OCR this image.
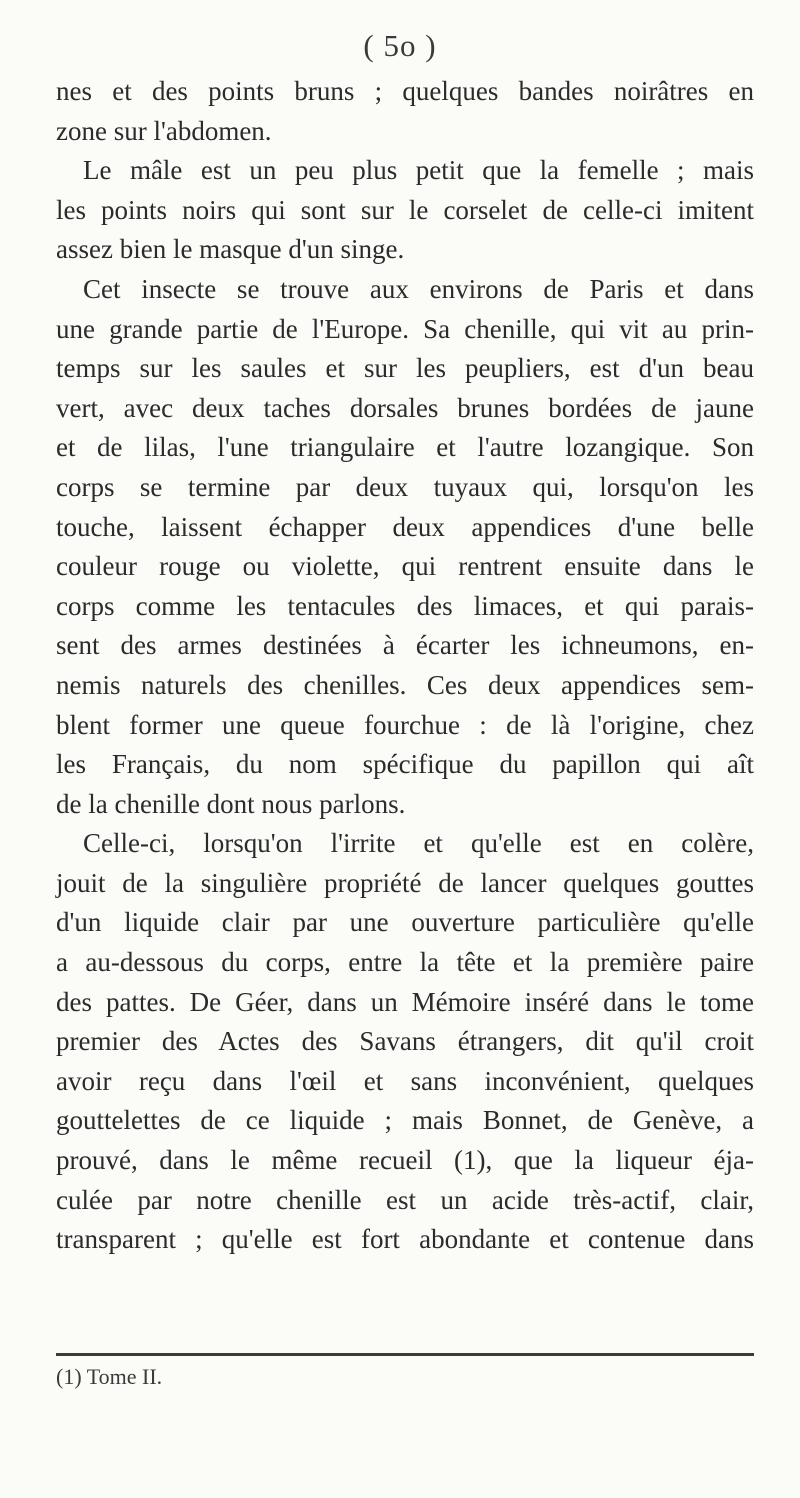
( 5o )
nes et des points bruns ; quelques bandes noirâtres en
zone sur l'abdomen.
Le mâle est un peu plus petit que la femelle ; mais
les points noirs qui sont sur le corselet de celle-ci imitent
assez bien le masque d'un singe.
Cet insecte se trouve aux environs de Paris et dans
une grande partie de l'Europe. Sa chenille, qui vit au prin-
temps sur les saules et sur les peupliers, est d'un beau
vert, avec deux taches dorsales brunes bordées de jaune
et de lilas, l'une triangulaire et l'autre lozangique. Son
corps se termine par deux tuyaux qui, lorsqu'on les
touche, laissent échapper deux appendices d'une belle
couleur rouge ou violette, qui rentrent ensuite dans le
corps comme les tentacules des limaces, et qui parais-
sent des armes destinées à écarter les ichneumons, en-
nemis naturels des chenilles. Ces deux appendices sem-
blent former une queue fourchue : de là l'origine, chez
les Français, du nom spécifique du papillon qui aît
de la chenille dont nous parlons.
Celle-ci, lorsqu'on l'irrite et qu'elle est en colère,
jouit de la singulière propriété de lancer quelques gouttes
d'un liquide clair par une ouverture particulière qu'elle
a au-dessous du corps, entre la tête et la première paire
des pattes. De Géer, dans un Mémoire inséré dans le tome
premier des Actes des Savans étrangers, dit qu'il croit
avoir reçu dans l'œil et sans inconvénient, quelques
gouttelettes de ce liquide ; mais Bonnet, de Genève, a
prouvé, dans le même recueil (1), que la liqueur éja-
culée par notre chenille est un acide très-actif, clair,
transparent ; qu'elle est fort abondante et contenue dans
(1) Tome II.
